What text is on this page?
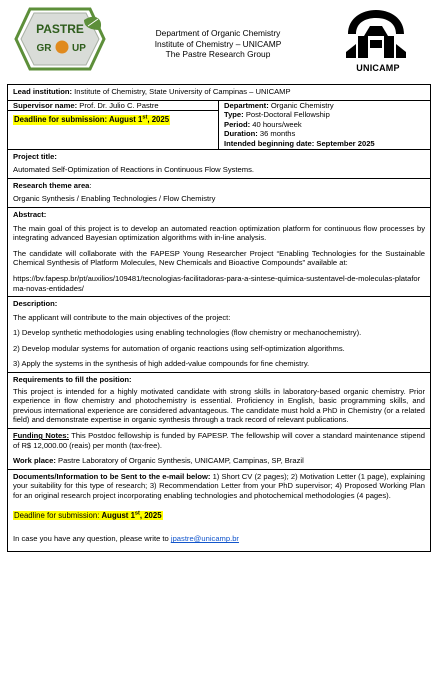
PASTRE
GR UP
Department of Organic Chemistry
Institute of Chemistry – UNICAMP
The Pastre Research Group
UNICAMP
Lead institution: Institute of Chemistry, State University of Campinas – UNICAMP
Supervisor name: Prof. Dr. Julio C. Pastre
Deadline for submission: August 1st, 2025
Department: Organic Chemistry
Type: Post-Doctoral Fellowship
Period: 40 hours/week
Duration: 36 months
Intended beginning date: September 2025

Project title:

Automated Self-Optimization of Reactions in Continuous Flow Systems.

Research theme area:

Organic Synthesis / Enabling Technologies / Flow Chemistry

Abstract:

The main goal of this project is to develop an automated reaction optimization platform for continuous flow processes by integrating advanced Bayesian optimization algorithms with in-line analysis.

The candidate will collaborate with the FAPESP Young Researcher Project “Enabling Technologies for the Sustainable Chemical Synthesis of Platform Molecules, New Chemicals and Bioactive Compounds” available at:

https://bv.fapesp.br/pt/auxilios/109481/tecnologias-facilitadoras-para-a-sintese-quimica-sustentavel-de-moleculas-plataforma-novas-entidades/

Description:

The applicant will contribute to the main objectives of the project:

1) Develop synthetic methodologies using enabling technologies (flow chemistry or mechanochemistry).

2) Develop modular systems for automation of organic reactions using self-optimization algorithms.

3) Apply the systems in the synthesis of high added-value compounds for fine chemistry.

Requirements to fill the position:

This project is intended for a highly motivated candidate with strong skills in laboratory-based organic chemistry. Prior experience in flow chemistry and photochemistry is essential. Proficiency in English, basic programming skills, and previous international experience are considered advantageous. The candidate must hold a PhD in Chemistry (or a related field) and demonstrate expertise in organic synthesis through a track record of relevant publications.

Funding Notes: This Postdoc fellowship is funded by FAPESP. The fellowship will cover a standard maintenance stipend of R$ 12,000.00 (reais) per month (tax-free).

Work place: Pastre Laboratory of Organic Synthesis, UNICAMP, Campinas, SP, Brazil

Documents/Information to be Sent to the e-mail below: 1) Short CV (2 pages); 2) Motivation Letter (1 page), explaining your suitability for this type of research; 3) Recommendation Letter from your PhD supervisor; 4) Proposed Working Plan for an original research project incorporating enabling technologies and photochemical methodologies (4 pages).

Deadline for submission: August 1st, 2025

In case you have any question, please write to jpastre@unicamp.br
